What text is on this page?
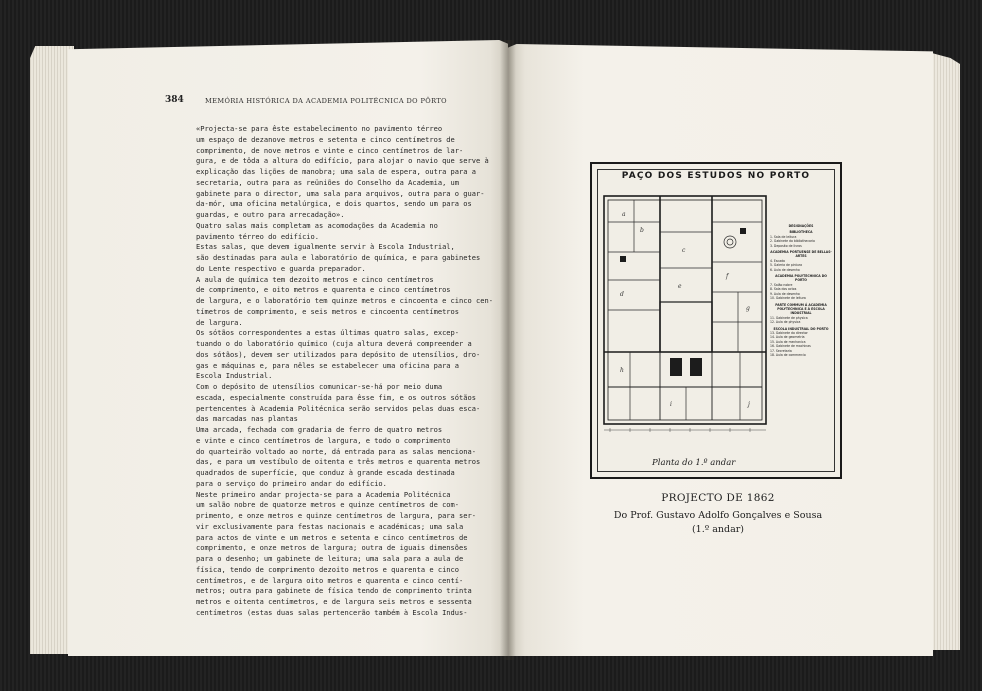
384	MEMÓRIA HISTÓRICA DA ACADEMIA POLITÉCNICA DO PÔRTO
«Projecta-se para êste estabelecimento no pavimento térreo
um espaço de dezanove metros e setenta e cinco centímetros de
comprimento, de nove metros e vinte e cinco centímetros de lar-
gura, e de tôda a altura do edifício, para alojar o navio que serve à
explicação das lições de manobra; uma sala de espera, outra para a
secretaria, outra para as reüniões do Conselho da Academia, um
gabinete para o director, uma sala para arquivos, outra para o guar-
da-mór, uma oficina metalúrgica, e dois quartos, sendo um para os
guardas, e outro para arrecadação».
Quatro salas mais completam as acomodações da Academia no
pavimento térreo do edifício.
Estas salas, que devem igualmente servir à Escola Industrial,
são destinadas para aula e laboratório de química, e para gabinetes
do Lente respectivo e guarda preparador.
A aula de química tem dezoito metros e cinco centímetros
de comprimento, e oito metros e quarenta e cinco centímetros
de largura, e o laboratório tem quinze metros e cincoenta e cinco cen-
tímetros de comprimento, e seis metros e cincoenta centímetros
de largura.
Os sótãos correspondentes a estas últimas quatro salas, excep-
tuando o do laboratório químico (cuja altura deverá compreender a
dos sótãos), devem ser utilizados para depósito de utensílios, dro-
gas e máquinas e, para nêles se estabelecer uma oficina para a
Escola Industrial.
Com o depósito de utensílios comunicar-se-há por meio duma
escada, especialmente construída para êsse fim, e os outros sótãos
pertencentes à Academia Politécnica serão servidos pelas duas esca-
das marcadas nas plantas
Uma arcada, fechada com gradaria de ferro de quatro metros
e vinte e cinco centímetros de largura, e todo o comprimento
do quarteirão voltado ao norte, dá entrada para as salas menciona-
das, e para um vestíbulo de oitenta e três metros e quarenta metros
quadrados de superfície, que conduz à grande escada destinada
para o serviço do primeiro andar do edifício.
Neste primeiro andar projecta-se para a Academia Politécnica
um salão nobre de quatorze metros e quinze centímetros de com-
primento, e onze metros e quinze centímetros de largura, para ser-
vir exclusivamente para festas nacionais e académicas; uma sala
para actos de vinte e um metros e setenta e cinco centímetros de
comprimento, e onze metros de largura; outra de iguais dimensões
para o desenho; um gabinete de leitura; uma sala para a aula de
física, tendo de comprimento dezoito metros e quarenta e cinco
centímetros, e de largura oito metros e quarenta e cinco centí-
metros; outra para gabinete de física tendo de comprimento trinta
metros e oitenta centímetros, e de largura seis metros e sessenta
centímetros (estas duas salas pertencerão também à Escola Indus-
PAÇO DOS ESTUDOS NO PORTO
a
b
c
d
e
f
g
h
i	j
DESIGNAÇÕES
BIBLIOTHECA
1. Sala de leitura
2. Gabinete do bibliothecario
3. Deposito de livros
ACADEMIA PORTUENSE DE BELLAS-ARTES
4. Escada
5. Galeria de pintura
6. Aula de desenho
ACADEMIA POLYTECHNICA DO PORTO
7. Salão nobre
8. Sala dos actos
9. Aula de desenho
10. Gabinete de leitura
PARTE COMMUM Á ACADEMIA POLYTECHNICA E Á ESCOLA INDUSTRIAL
11. Gabinete de physica
12. Aula de physica
ESCOLA INDUSTRIAL DO PORTO
13. Gabinete do director
14. Aula de geometria
15. Aula de mechanica
16. Gabinete de machinas
17. Secretaria
18. Aula de commercio
Planta do 1.º andar
PROJECTO DE 1862
Do Prof. Gustavo Adolfo Gonçalves e Sousa
(1.º andar)
